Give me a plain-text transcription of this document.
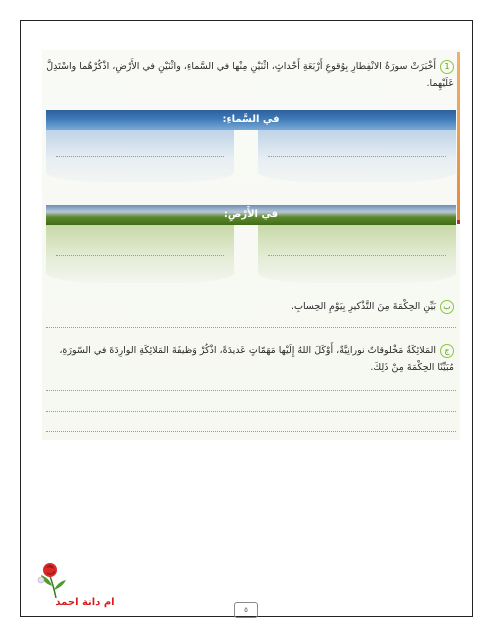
1أَخْبَرَتْ سورَةُ الانْفِطارِ بِوُقوعِ أَرْبَعَةِ أَحْداثٍ، اثْنَيْنِ مِنْها في السَّماءِ، واثْنَيْنِ في الأَرْضِ، اذْكُرْهُما واسْتَدِلَّ عَلَيْهِما.
في السَّماءِ:
في الأَرْضِ:
ببَيِّنِ الحِكْمَةَ مِنَ التَّذْكيرِ بِيَوْمِ الحِسابِ.
جالمَلائِكَةُ مَخْلوقاتٌ نورانِيَّةٌ، أَوْكَلَ اللهُ إِلَيْها مَهَمّاتٍ عَديدَةً، اذْكُرْ وَظيفَةَ المَلائِكَةِ الوارِدَةَ في السّورَةِ، مُبَيِّنًا الحِكْمَةَ مِنْ ذَلِكَ.
ام دانة احمد
٥
